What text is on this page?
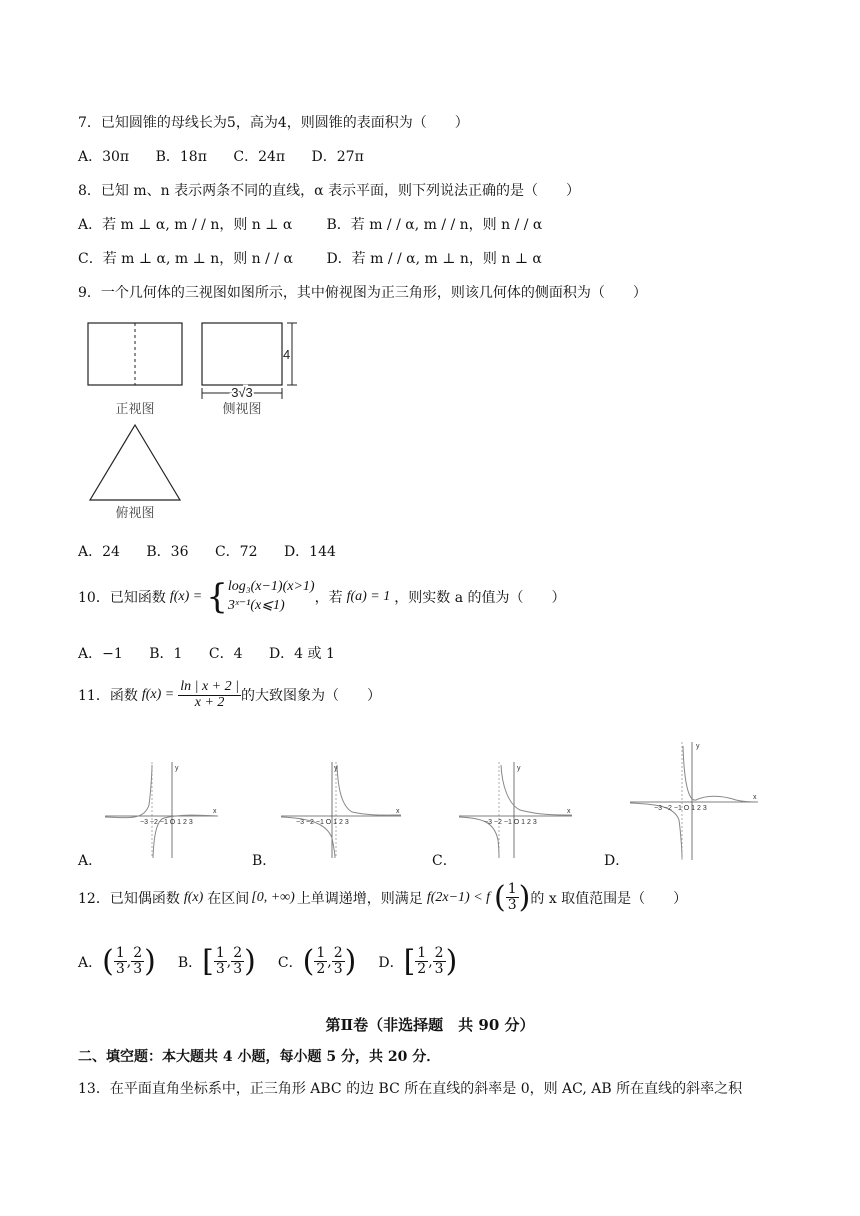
7．已知圆锥的母线长为5，高为4，则圆锥的表面积为（　　）
A．30π B．18π C．24π D．27π
8．已知 m、n 表示两条不同的直线，α 表示平面，则下列说法正确的是（　　）
A．若 m ⊥ α, m / / n，则 n ⊥ α B．若 m / / α, m / / n，则 n / / α
C．若 m ⊥ α, m ⊥ n，则 n / / α D．若 m / / α, m ⊥ n，则 n ⊥ α
9．一个几何体的三视图如图所示，其中俯视图为正三角形，则该几何体的侧面积为（　　）
正视图
4
3√3
侧视图
俯视图
A．24 B．36 C．72 D．144
10．已知函数 f(x) = { log₃(x−1)(x>1)
3ˣ⁻¹(x⩽1)	，若 f(a) = 1 ，则实数 a 的值为（　　）
A．−1 B．1 C．4 D．4 或 1
11．函数 $f(x) = \frac{\ln | x + 2 |}{x + 2}$ 的大致图象为（　　）
A．	B．	C．	D．
−3 −2 −1 O 1 2 3
y
x
−3 −2 −1 O 1 2 3
y
x
−3 −2 −1 O 1 2 3
y
x	−3 −2 −1 O 1 2 3
y
x
12．已知偶函数 f(x) 在区间 [0, +∞) 上单调递增，则满足 f(2x−1) < f ( $\frac{1}{3}$ ) 的 x 取值范围是（　　）
A． ( $\frac{1}{3}$ , $\frac{2}{3}$ ) B． [ $\frac{1}{3}$ , $\frac{2}{3}$ ) C． ( $\frac{1}{2}$ , $\frac{2}{3}$ ) D． [ $\frac{1}{2}$ , $\frac{2}{3}$ )
第Ⅱ卷（非选择题　共 90 分）
二、填空题：本大题共 4 小题，每小题 5 分，共 20 分．
13．在平面直角坐标系中，正三角形 ABC 的边 BC 所在直线的斜率是 0，则 AC, AB 所在直线的斜率之积
